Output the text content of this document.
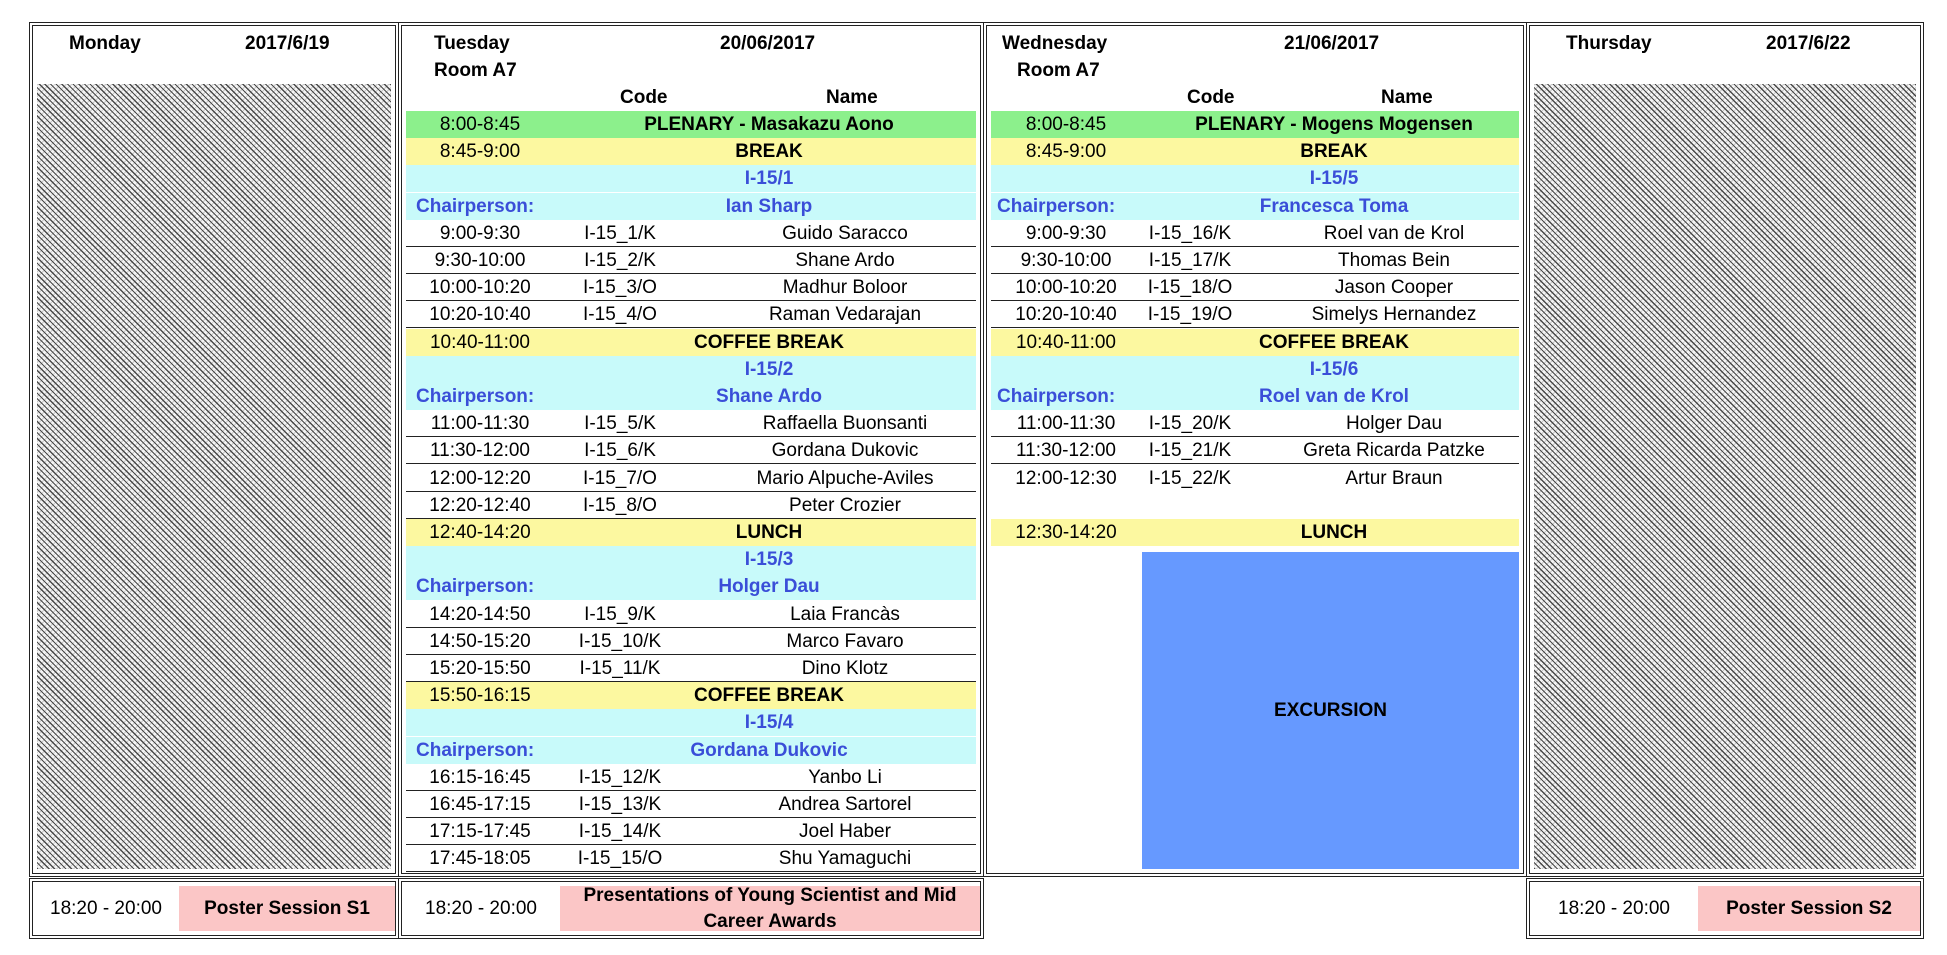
Monday	2017/6/19
18:20 - 20:00	Poster Session S1
Tuesday	20/06/2017
Room A7
Code	Name
8:00-8:45	PLENARY - Masakazu Aono
8:45-9:00	BREAK
I-15/1
Chairperson:	Ian Sharp
9:00-9:30	I-15_1/K	Guido Saracco
9:30-10:00	I-15_2/K	Shane Ardo
10:00-10:20	I-15_3/O	Madhur Boloor
10:20-10:40	I-15_4/O	Raman Vedarajan
10:40-11:00	COFFEE BREAK
I-15/2
Chairperson:	Shane Ardo
11:00-11:30	I-15_5/K	Raffaella Buonsanti
11:30-12:00	I-15_6/K	Gordana Dukovic
12:00-12:20	I-15_7/O	Mario Alpuche-Aviles
12:20-12:40	I-15_8/O	Peter Crozier
12:40-14:20	LUNCH
I-15/3
Chairperson:	Holger Dau
14:20-14:50	I-15_9/K	Laia Francàs
14:50-15:20	I-15_10/K	Marco Favaro
15:20-15:50	I-15_11/K	Dino Klotz
15:50-16:15	COFFEE BREAK
I-15/4
Chairperson:	Gordana Dukovic
16:15-16:45	I-15_12/K	Yanbo Li
16:45-17:15	I-15_13/K	Andrea Sartorel
17:15-17:45	I-15_14/K	Joel Haber
17:45-18:05	I-15_15/O	Shu Yamaguchi
18:20 - 20:00
Presentations of Young Scientist and Mid Career Awards
Wednesday	21/06/2017
Room A7
Code	Name
8:00-8:45	PLENARY - Mogens Mogensen
8:45-9:00	BREAK
I-15/5
Chairperson:	Francesca Toma
9:00-9:30	I-15_16/K	Roel van de Krol
9:30-10:00	I-15_17/K	Thomas Bein
10:00-10:20	I-15_18/O	Jason Cooper
10:20-10:40	I-15_19/O	Simelys Hernandez
10:40-11:00	COFFEE BREAK
I-15/6
Chairperson:	Roel van de Krol
11:00-11:30	I-15_20/K	Holger Dau
11:30-12:00	I-15_21/K	Greta Ricarda Patzke
12:00-12:30	I-15_22/K	Artur Braun
12:30-14:20	LUNCH
EXCURSION
Thursday	2017/6/22
18:20 - 20:00	Poster Session S2
